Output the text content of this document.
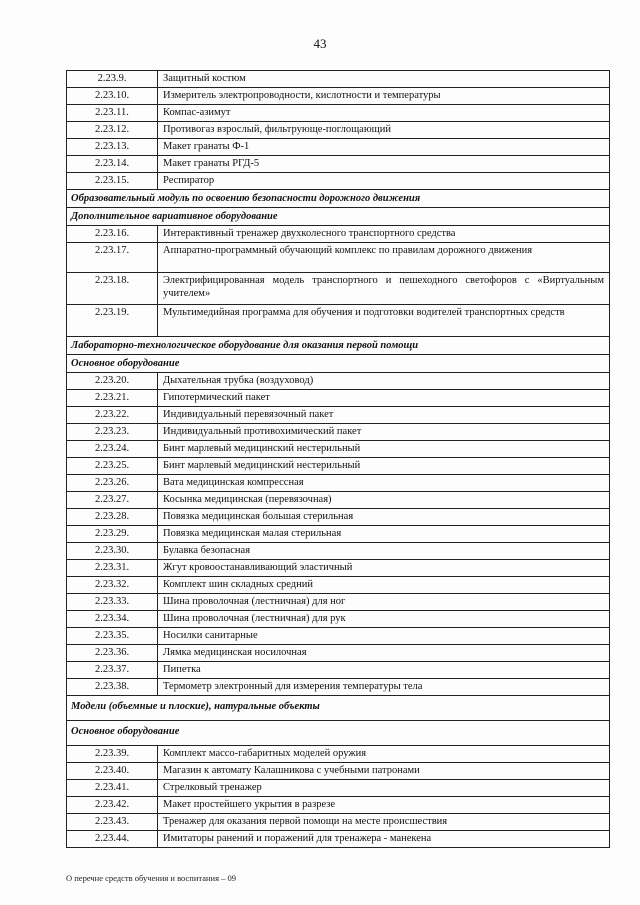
43
2.23.9.	Защитный костюм
2.23.10.	Измеритель электропроводности, кислотности и температуры
2.23.11.	Компас-азимут
2.23.12.	Противогаз взрослый, фильтрующе-поглощающий
2.23.13.	Макет гранаты Ф-1
2.23.14.	Макет гранаты РГД-5
2.23.15.	Респиратор
Образовательный модуль по освоению безопасности дорожного движения	
Дополнительное вариативное оборудование	
2.23.16.	Интерактивный тренажер двухколесного транспортного средства
2.23.17.	Аппаратно-программный обучающий комплекс по правилам дорожного движения
2.23.18.	Электрифицированная модель транспортного и пешеходного светофоров с «Виртуальным учителем»
2.23.19.	Мультимедийная программа для обучения и подготовки водителей транспортных средств
Лабораторно-технологическое оборудование для оказания первой помощи	
Основное оборудование	
2.23.20.	Дыхательная трубка (воздуховод)
2.23.21.	Гипотермический пакет
2.23.22.	Индивидуальный перевязочный пакет
2.23.23.	Индивидуальный противохимический пакет
2.23.24.	Бинт марлевый медицинский нестерильный
2.23.25.	Бинт марлевый медицинский нестерильный
2.23.26.	Вата медицинская компрессная
2.23.27.	Косынка медицинская (перевязочная)
2.23.28.	Повязка медицинская большая стерильная
2.23.29.	Повязка медицинская малая стерильная
2.23.30.	Булавка безопасная
2.23.31.	Жгут кровоостанавливающий эластичный
2.23.32.	Комплект шин складных средний
2.23.33.	Шина проволочная (лестничная) для ног
2.23.34.	Шина проволочная (лестничная) для рук
2.23.35.	Носилки санитарные
2.23.36.	Лямка медицинская носилочная
2.23.37.	Пипетка
2.23.38.	Термометр электронный для измерения температуры тела
Модели (объемные и плоские), натуральные объекты	
Основное оборудование	
2.23.39.	Комплект массо-габаритных моделей оружия
2.23.40.	Магазин к автомату Калашникова с учебными патронами
2.23.41.	Стрелковый тренажер
2.23.42.	Макет простейшего укрытия в разрезе
2.23.43.	Тренажер для оказания первой помощи на месте происшествия
2.23.44.	Имитаторы ранений и поражений для тренажера - манекена
О перечне средств обучения и воспитания – 09
